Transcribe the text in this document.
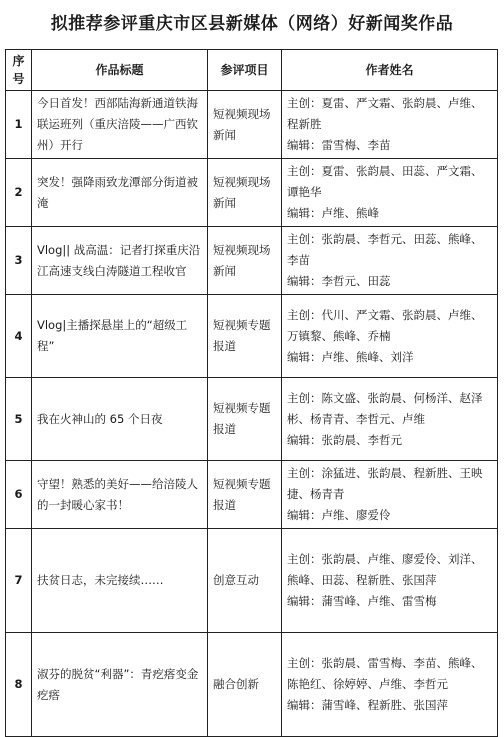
拟推荐参评重庆市区县新媒体（网络）好新闻奖作品
序号	作品标题	参评项目	作者姓名
1	今日首发！西部陆海新通道铁海联运班列（重庆涪陵——广西钦州）开行	短视频现场新闻	主创：夏雷、严文霜、张韵晨、卢维、程新胜
编辑：雷雪梅、李苗

2	突发！强降雨致龙潭部分街道被淹	短视频现场新闻	主创：夏雷、张韵晨、田蕊、严文霜、谭艳华
编辑：卢维、熊峰

3	Vlog|| 战高温：记者打探重庆沿江高速支线白涛隧道工程收官	短视频现场新闻	主创：张韵晨、李哲元、田蕊、熊峰、李苗
编辑：李哲元、田蕊

4	Vlog|主播探悬崖上的“超级工程”	短视频专题报道	主创：代川、严文霜、张韵晨、卢维、万镇黎、熊峰、乔楠
编辑：卢维、熊峰、刘洋

5	我在火神山的 65 个日夜	短视频专题报道	主创：陈文盛、张韵晨、何杨洋、赵泽彬、杨青青、李哲元、卢维
编辑：张韵晨、李哲元

6	守望！熟悉的美好——给涪陵人的一封暖心家书！	短视频专题报道	主创：涂猛进、张韵晨、程新胜、王映捷、杨青青
编辑：卢维、廖爱伶

7	扶贫日志，未完接续……	创意互动	主创：张韵晨、卢维、廖爱伶、刘洋、熊峰、田蕊、程新胜、张国萍
编辑：蒲雪峰、卢维、雷雪梅

8	淑芬的脱贫“利器”：青疙瘩变金疙瘩	融合创新	主创：张韵晨、雷雪梅、李苗、熊峰、陈艳红、徐婷婷、卢维、李哲元
编辑：蒲雪峰、程新胜、张国萍
